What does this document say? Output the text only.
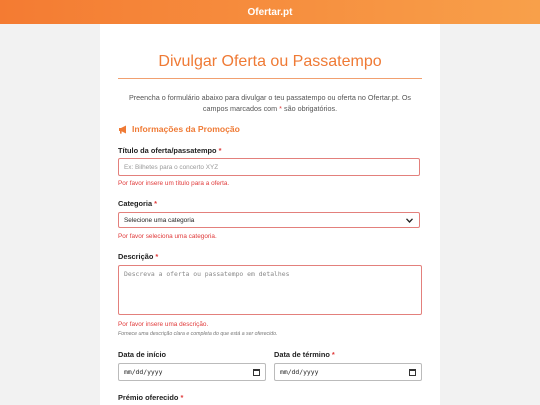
Ofertar.pt
Divulgar Oferta ou Passatempo
Preencha o formulário abaixo para divulgar o teu passatempo ou oferta no Ofertar.pt. Os
campos marcados com * são obrigatórios.
Informações da Promoção
Título da oferta/passatempo *
Ex: Bilhetes para o concerto XYZ
Por favor insere um título para a oferta.
Categoria *
Selecione uma categoria
Por favor seleciona uma categoria.
Descrição *
Descreva a oferta ou passatempo em detalhes
Por favor insere uma descrição.
Fornece uma descrição clara e completa do que está a ser oferecido.
Data de início
mm/dd/yyyy
Data de término *
mm/dd/yyyy
Prémio oferecido *
